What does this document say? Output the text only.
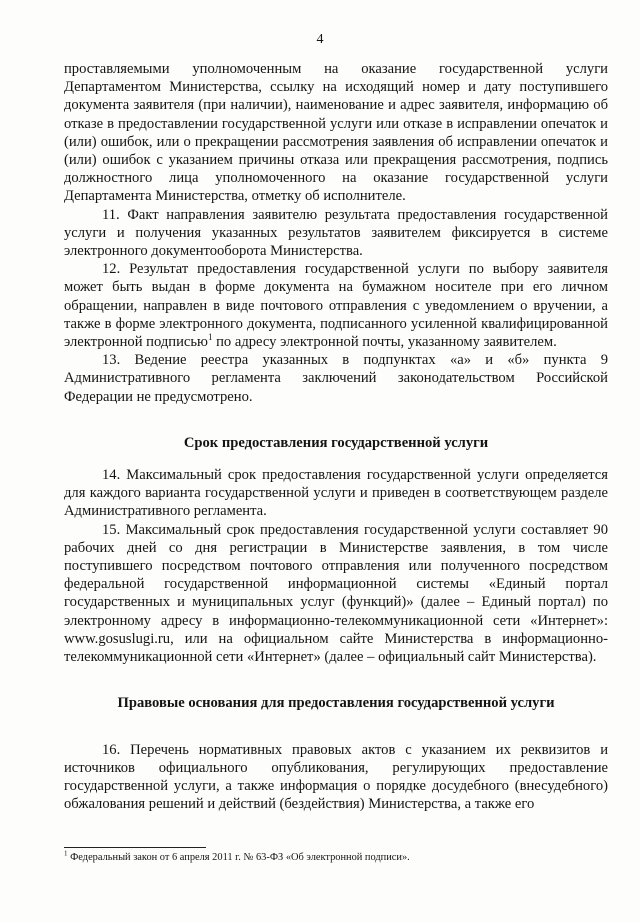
4

проставляемыми уполномоченным на оказание государственной услуги Департаментом Министерства, ссылку на исходящий номер и дату поступившего документа заявителя (при наличии), наименование и адрес заявителя, информацию об отказе в предоставлении государственной услуги или отказе в исправлении опечаток и (или) ошибок, или о прекращении рассмотрения заявления об исправлении опечаток и (или) ошибок с указанием причины отказа или прекращения рассмотрения, подпись должностного лица уполномоченного на оказание государственной услуги Департамента Министерства, отметку об исполнителе.

11. Факт направления заявителю результата предоставления государственной услуги и получения указанных результатов заявителем фиксируется в системе электронного документооборота Министерства.

12. Результат предоставления государственной услуги по выбору заявителя может быть выдан в форме документа на бумажном носителе при его личном обращении, направлен в виде почтового отправления с уведомлением о вручении, а также в форме электронного документа, подписанного усиленной квалифицированной электронной подписью$^1$ по адресу электронной почты, указанному заявителем.

13. Ведение реестра указанных в подпунктах «а» и «б» пункта 9 Административного регламента заключений законодательством Российской Федерации не предусмотрено.

Срок предоставления государственной услуги

14. Максимальный срок предоставления государственной услуги определяется для каждого варианта государственной услуги и приведен в соответствующем разделе Административного регламента.

15. Максимальный срок предоставления государственной услуги составляет 90 рабочих дней со дня регистрации в Министерстве заявления, в том числе поступившего посредством почтового отправления или полученного посредством федеральной государственной информационной системы «Единый портал государственных и муниципальных услуг (функций)» (далее – Единый портал) по электронному адресу в информационно-телекоммуникационной сети «Интернет»: www.gosuslugi.ru, или на официальном сайте Министерства в информационно-телекоммуникационной сети «Интернет» (далее – официальный сайт Министерства).

Правовые основания для предоставления государственной услуги

16. Перечень нормативных правовых актов с указанием их реквизитов и источников официального опубликования, регулирующих предоставление государственной услуги, а также информация о порядке досудебного (внесудебного) обжалования решений и действий (бездействия) Министерства, а также его

$^1$ Федеральный закон от 6 апреля 2011 г. № 63-ФЗ «Об электронной подписи».
